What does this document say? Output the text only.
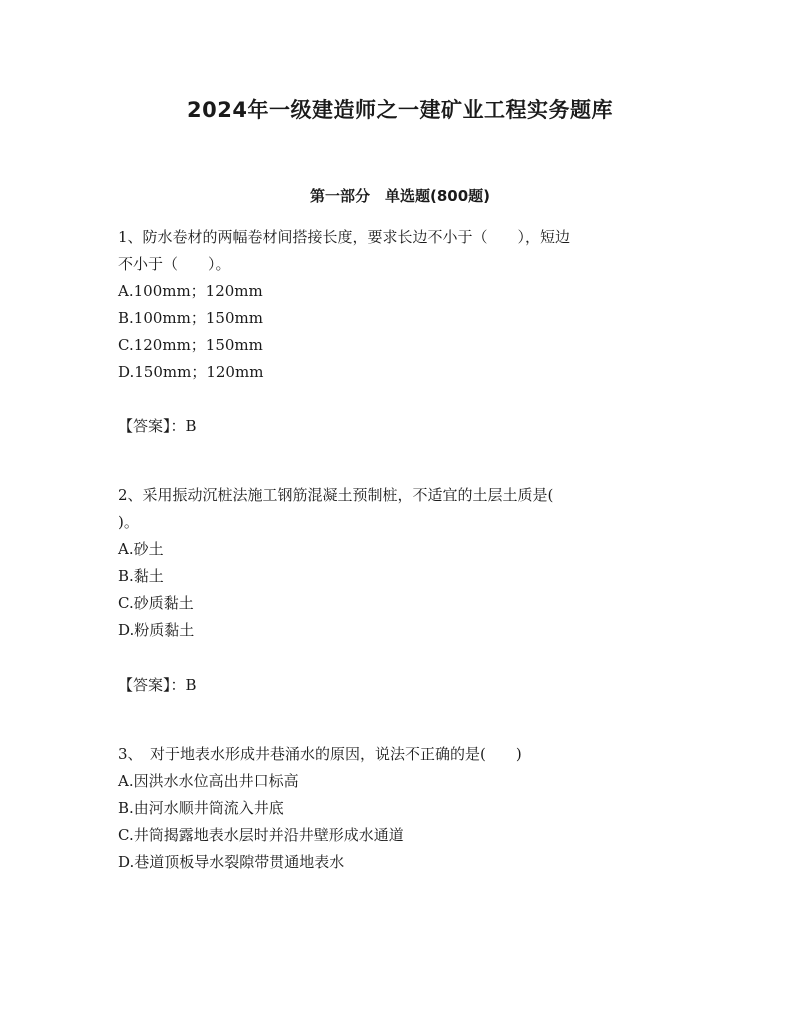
2024年一级建造师之一建矿业工程实务题库
第一部分　单选题(800题)
1、防水卷材的两幅卷材间搭接长度，要求长边不小于（　　），短边
不小于（　　）。
A.100mm；120mm
B.100mm；150mm
C.120mm；150mm
D.150mm；120mm
【答案】：B
2、采用振动沉桩法施工钢筋混凝土预制桩，不适宜的土层土质是(
)。
A.砂土
B.黏土
C.砂质黏土
D.粉质黏土
【答案】：B
3、　对于地表水形成井巷涌水的原因，说法不正确的是(　　)
A.因洪水水位高出井口标高
B.由河水顺井筒流入井底
C.井筒揭露地表水层时并沿井壁形成水通道
D.巷道顶板导水裂隙带贯通地表水
